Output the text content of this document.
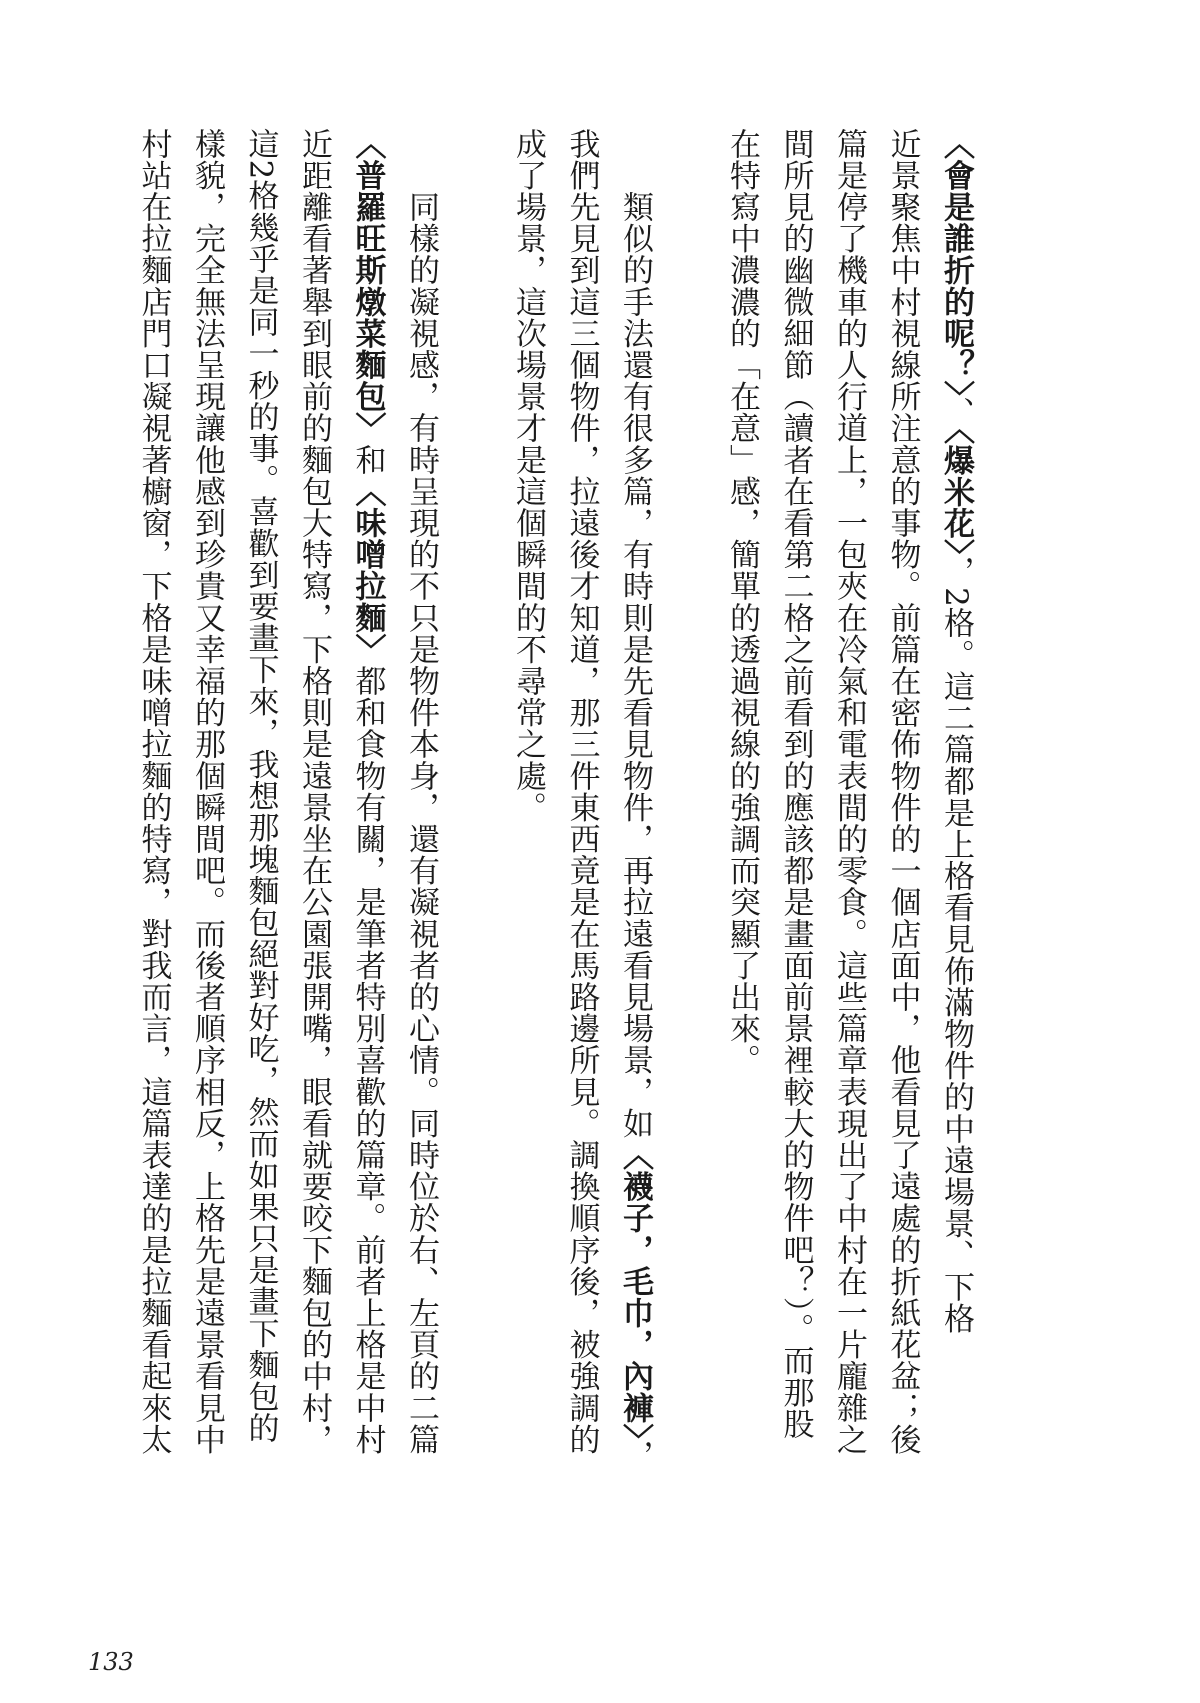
〈會是誰折的呢？〉、〈爆米花〉，2格。這二篇都是上格看見佈滿物件的中遠場景、下格
近景聚焦中村視線所注意的事物。前篇在密佈物件的一個店面中，他看見了遠處的折紙花盆；後
篇是停了機車的人行道上，一包夾在冷氣和電表間的零食。這些篇章表現出了中村在一片龐雜之
間所見的幽微細節（讀者在看第二格之前看到的應該都是畫面前景裡較大的物件吧？）。而那股
在特寫中濃濃的「在意」感，簡單的透過視線的強調而突顯了出來。
　　類似的手法還有很多篇，有時則是先看見物件，再拉遠看見場景，如〈襪子，毛巾，內褲〉，
我們先見到這三個物件，拉遠後才知道，那三件東西竟是在馬路邊所見。調換順序後，被強調的
成了場景，這次場景才是這個瞬間的不尋常之處。
　　同樣的凝視感，有時呈現的不只是物件本身，還有凝視者的心情。同時位於右、左頁的二篇
〈普羅旺斯燉菜麵包〉和〈味噌拉麵〉都和食物有關，是筆者特別喜歡的篇章。前者上格是中村
近距離看著舉到眼前的麵包大特寫，下格則是遠景坐在公園張開嘴，眼看就要咬下麵包的中村，
這2格幾乎是同一秒的事。喜歡到要畫下來，我想那塊麵包絕對好吃，然而如果只是畫下麵包的
樣貌，完全無法呈現讓他感到珍貴又幸福的那個瞬間吧。而後者順序相反，上格先是遠景看見中
村站在拉麵店門口凝視著櫥窗，下格是味噌拉麵的特寫，對我而言，這篇表達的是拉麵看起來太
133
